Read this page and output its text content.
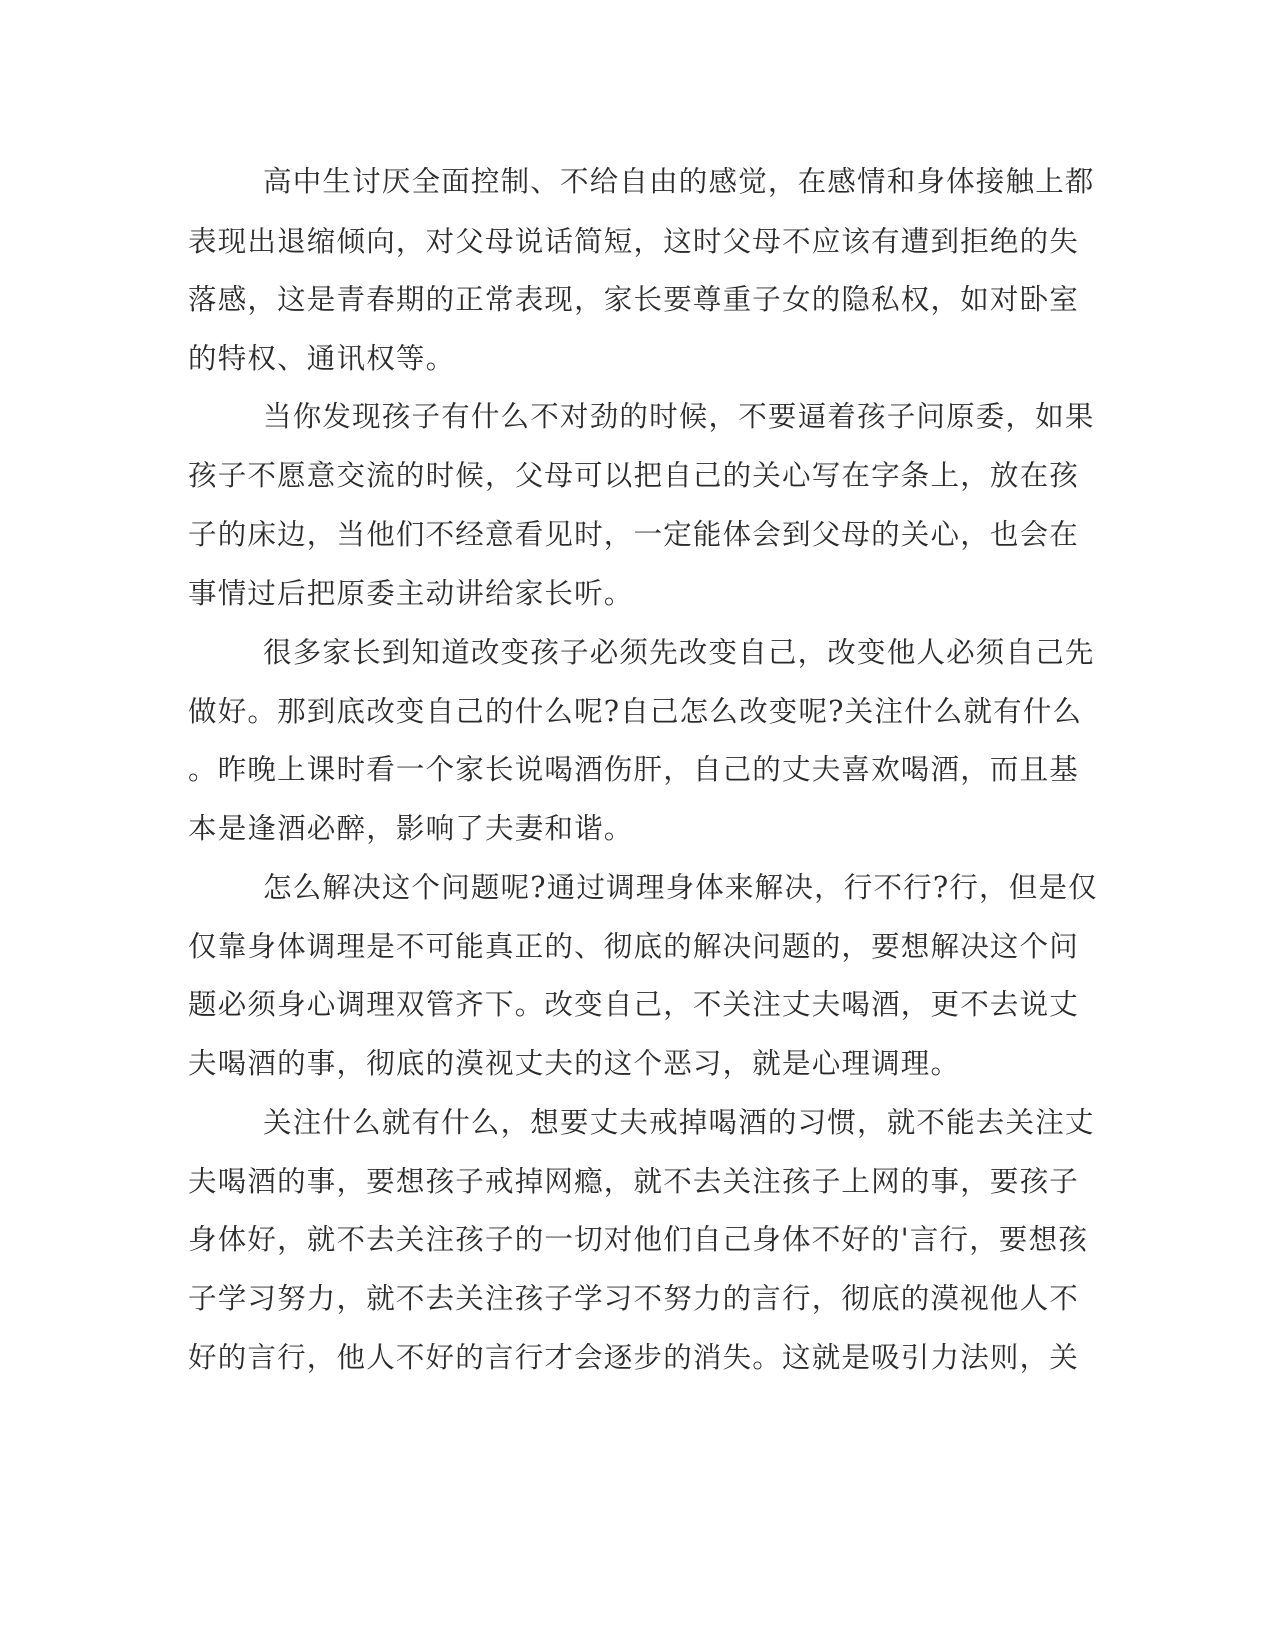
高中生讨厌全面控制、不给自由的感觉，在感情和身体接触上都
表现出退缩倾向，对父母说话简短，这时父母不应该有遭到拒绝的失
落感，这是青春期的正常表现，家长要尊重子女的隐私权，如对卧室
的特权、通讯权等。
当你发现孩子有什么不对劲的时候，不要逼着孩子问原委，如果
孩子不愿意交流的时候，父母可以把自己的关心写在字条上，放在孩
子的床边，当他们不经意看见时，一定能体会到父母的关心，也会在
事情过后把原委主动讲给家长听。
很多家长到知道改变孩子必须先改变自己，改变他人必须自己先
做好。那到底改变自己的什么呢?自己怎么改变呢?关注什么就有什么
。昨晚上课时看一个家长说喝酒伤肝，自己的丈夫喜欢喝酒，而且基
本是逢酒必醉，影响了夫妻和谐。
怎么解决这个问题呢?通过调理身体来解决，行不行?行，但是仅
仅靠身体调理是不可能真正的、彻底的解决问题的，要想解决这个问
题必须身心调理双管齐下。改变自己，不关注丈夫喝酒，更不去说丈
夫喝酒的事，彻底的漠视丈夫的这个恶习，就是心理调理。
关注什么就有什么，想要丈夫戒掉喝酒的习惯，就不能去关注丈
夫喝酒的事，要想孩子戒掉网瘾，就不去关注孩子上网的事，要孩子
身体好，就不去关注孩子的一切对他们自己身体不好的'言行，要想孩
子学习努力，就不去关注孩子学习不努力的言行，彻底的漠视他人不
好的言行，他人不好的言行才会逐步的消失。这就是吸引力法则，关
